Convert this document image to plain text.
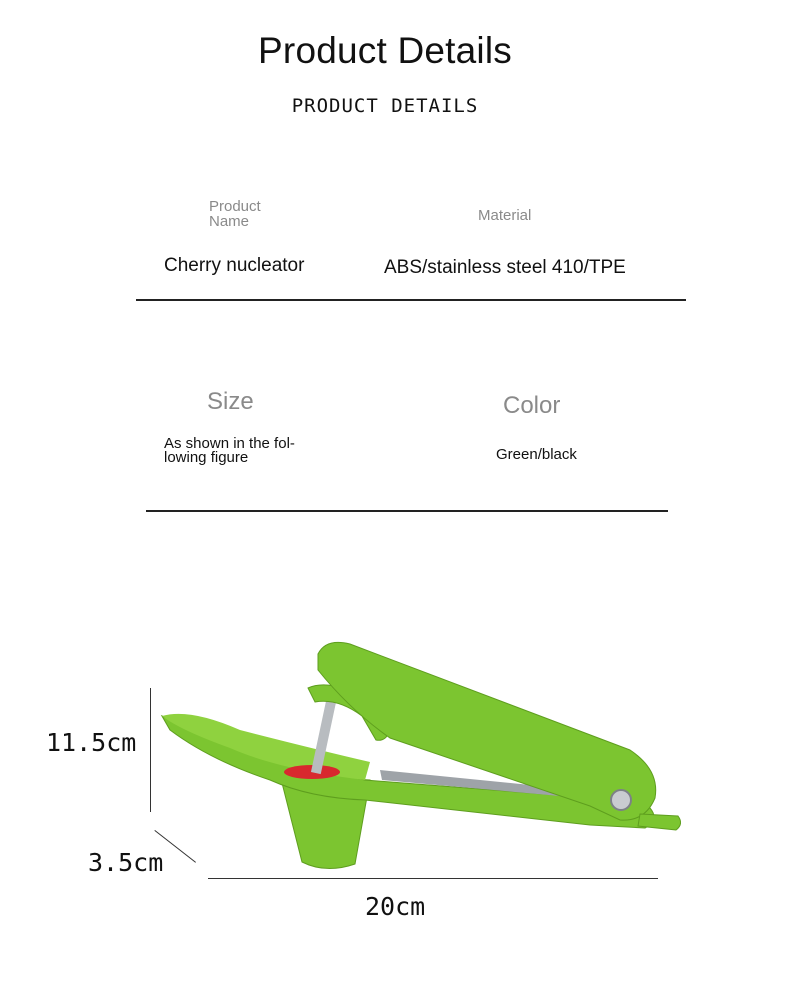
Product Details
PRODUCT DETAILS
Product Name	Material
Cherry nucleator	ABS/stainless steel 410/TPE
Size	Color
As shown in the fol- lowing figure	Green/black
11.5cm
3.5cm
20cm
